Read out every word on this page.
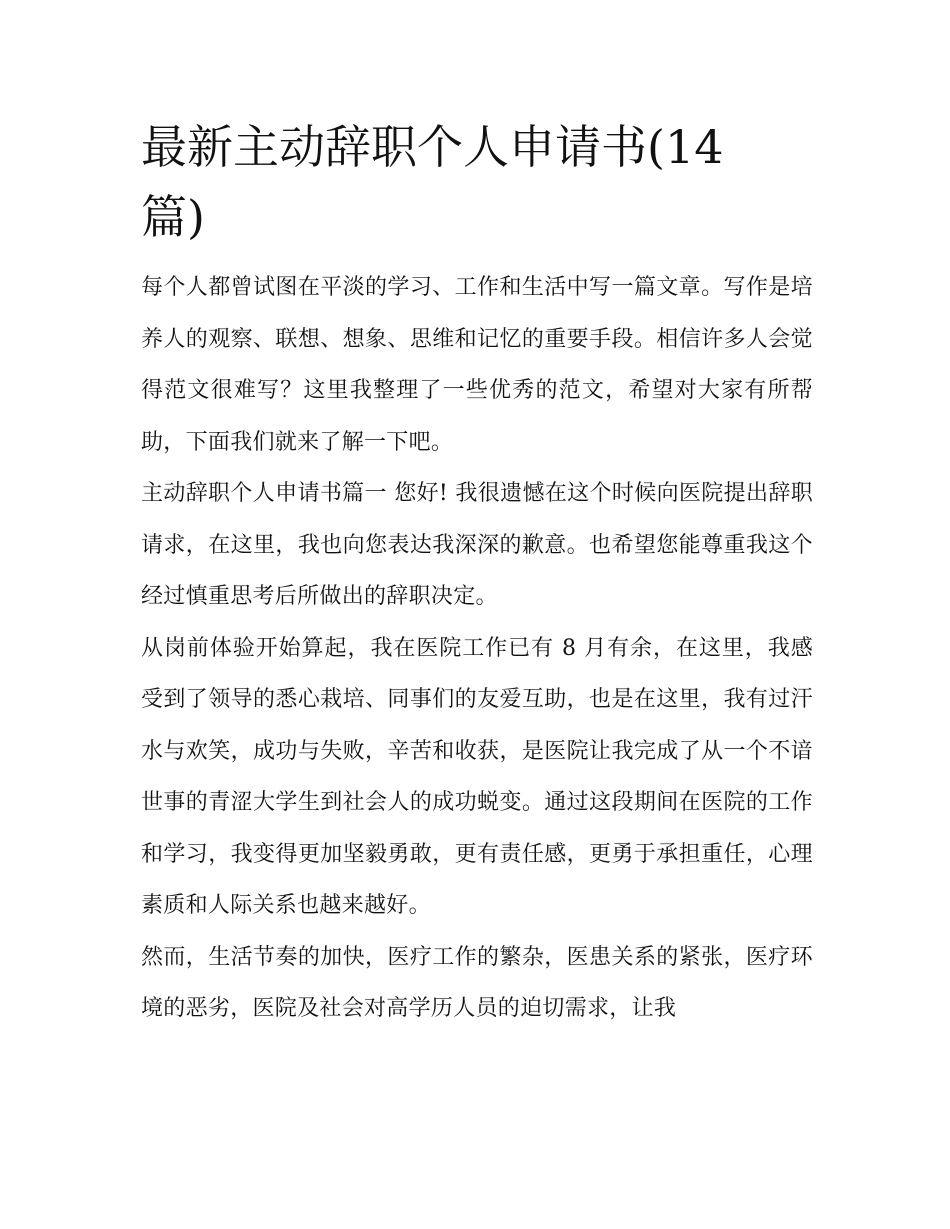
最新主动辞职个人申请书(14篇)

每个人都曾试图在平淡的学习、工作和生活中写一篇文章。写作是培养人的观察、联想、想象、思维和记忆的重要手段。相信许多人会觉得范文很难写？这里我整理了一些优秀的范文，希望对大家有所帮助，下面我们就来了解一下吧。

主动辞职个人申请书篇一 您好! 我很遗憾在这个时候向医院提出辞职请求，在这里，我也向您表达我深深的歉意。也希望您能尊重我这个经过慎重思考后所做出的辞职决定。

从岗前体验开始算起，我在医院工作已有 8 月有余，在这里，我感受到了领导的悉心栽培、同事们的友爱互助，也是在这里，我有过汗水与欢笑，成功与失败，辛苦和收获，是医院让我完成了从一个不谙世事的青涩大学生到社会人的成功蜕变。通过这段期间在医院的工作和学习，我变得更加坚毅勇敢，更有责任感，更勇于承担重任，心理素质和人际关系也越来越好。

然而，生活节奏的加快，医疗工作的繁杂，医患关系的紧张，医疗环境的恶劣，医院及社会对高学历人员的迫切需求，让我
